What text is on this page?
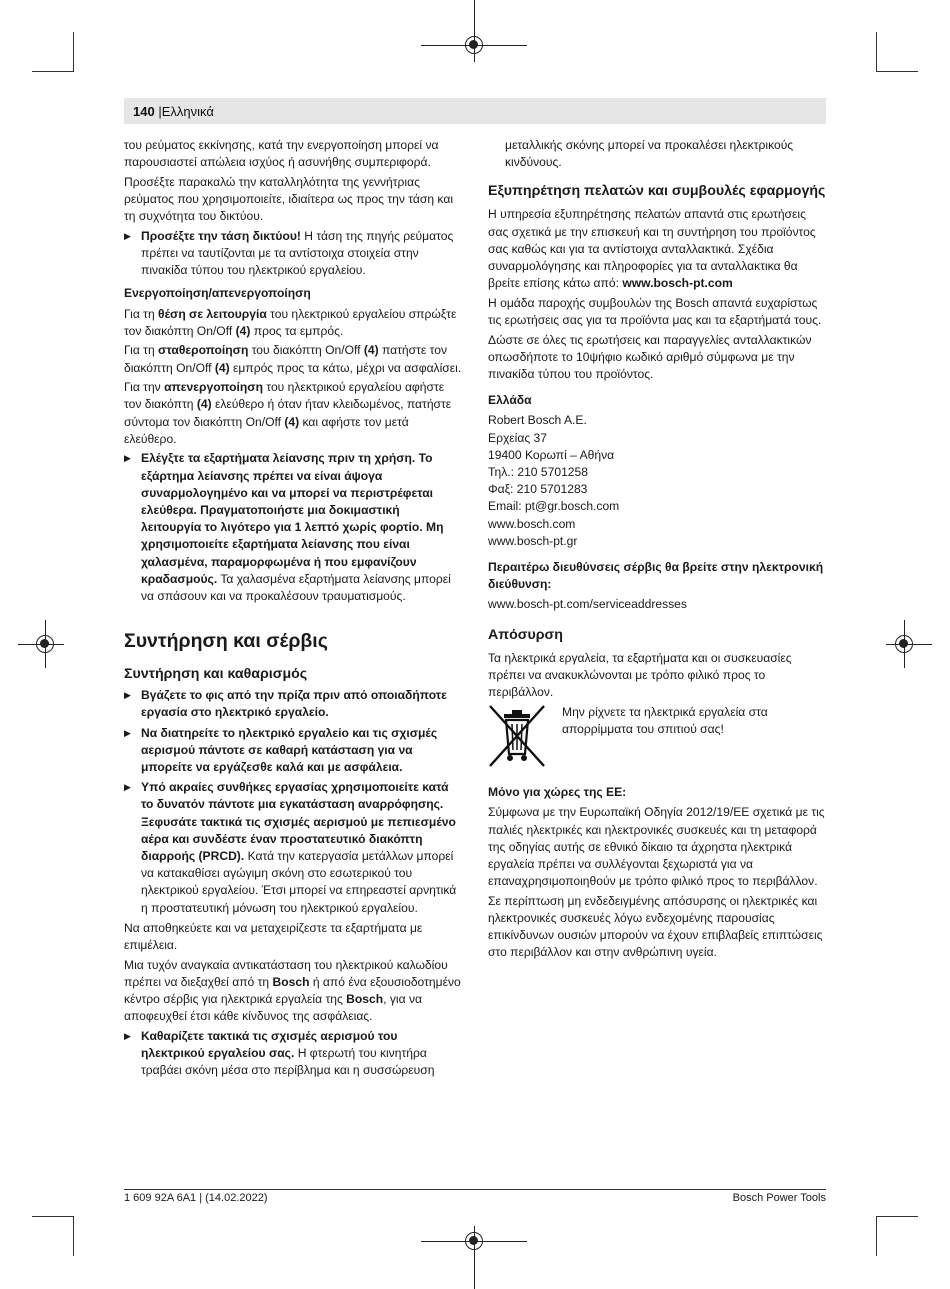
140 |Ελληνικά

του ρεύματος εκκίνησης, κατά την ενεργοποίηση μπορεί να παρουσιαστεί απώλεια ισχύος ή ασυνήθης συμπεριφορά.

Προσέξτε παρακαλώ την καταλληλότητα της γεννήτριας ρεύματος που χρησιμοποιείτε, ιδιαίτερα ως προς την τάση και τη συχνότητα του δικτύου.

▶ Προσέξτε την τάση δικτύου! Η τάση της πηγής ρεύματος πρέπει να ταυτίζονται με τα αντίστοιχα στοιχεία στην πινακίδα τύπου του ηλεκτρικού εργαλείου.
Ενεργοποίηση/απενεργοποίηση

Για τη θέση σε λειτουργία του ηλεκτρικού εργαλείου σπρώξτε τον διακόπτη On/Off (4) προς τα εμπρός.

Για τη σταθεροποίηση του διακόπτη On/Off (4) πατήστε τον διακόπτη On/Off (4) εμπρός προς τα κάτω, μέχρι να ασφαλίσει.

Για την απενεργοποίηση του ηλεκτρικού εργαλείου αφήστε τον διακόπτη (4) ελεύθερο ή όταν ήταν κλειδωμένος, πατήστε σύντομα τον διακόπτη On/Off (4) και αφήστε τον μετά ελεύθερο.

▶ Ελέγξτε τα εξαρτήματα λείανσης πριν τη χρήση. Το εξάρτημα λείανσης πρέπει να είναι άψογα συναρμολογημένο και να μπορεί να περιστρέφεται ελεύθερα. Πραγματοποιήστε μια δοκιμαστική λειτουργία το λιγότερο για 1 λεπτό χωρίς φορτίο. Μη χρησιμοποιείτε εξαρτήματα λείανσης που είναι χαλασμένα, παραμορφωμένα ή που εμφανίζουν κραδασμούς. Τα χαλασμένα εξαρτήματα λείανσης μπορεί να σπάσουν και να προκαλέσουν τραυματισμούς.
Συντήρηση και σέρβις
Συντήρηση και καθαρισμός
▶ Βγάζετε το φις από την πρίζα πριν από οποιαδήποτε εργασία στο ηλεκτρικό εργαλείο.
▶ Να διατηρείτε το ηλεκτρικό εργαλείο και τις σχισμές αερισμού πάντοτε σε καθαρή κατάσταση για να μπορείτε να εργάζεσθε καλά και με ασφάλεια.
▶ Υπό ακραίες συνθήκες εργασίας χρησιμοποιείτε κατά το δυνατόν πάντοτε μια εγκατάσταση αναρρόφησης. Ξεφυσάτε τακτικά τις σχισμές αερισμού με πεπιεσμένο αέρα και συνδέστε έναν προστατευτικό διακόπτη διαρροής (PRCD). Κατά την κατεργασία μετάλλων μπορεί να κατακαθίσει αγώγιμη σκόνη στο εσωτερικού του ηλεκτρικού εργαλείου. Έτσι μπορεί να επηρεαστεί αρνητικά η προστατευτική μόνωση του ηλεκτρικού εργαλείου.

Να αποθηκεύετε και να μεταχειρίζεστε τα εξαρτήματα με επιμέλεια.

Μια τυχόν αναγκαία αντικατάσταση του ηλεκτρικού καλωδίου πρέπει να διεξαχθεί από τη Bosch ή από ένα εξουσιοδοτημένο κέντρο σέρβις για ηλεκτρικά εργαλεία της Bosch, για να αποφευχθεί έτσι κάθε κίνδυνος της ασφάλειας.

▶ Καθαρίζετε τακτικά τις σχισμές αερισμού του ηλεκτρικού εργαλείου σας. Η φτερωτή του κινητήρα τραβάει σκόνη μέσα στο περίβλημα και η συσσώρευση

μεταλλικής σκόνης μπορεί να προκαλέσει ηλεκτρικούς κινδύνους.

Εξυπηρέτηση πελατών και συμβουλές εφαρμογής

Η υπηρεσία εξυπηρέτησης πελατών απαντά στις ερωτήσεις σας σχετικά με την επισκευή και τη συντήρηση του προϊόντος σας καθώς και για τα αντίστοιχα ανταλλακτικά. Σχέδια συναρμολόγησης και πληροφορίες για τα ανταλλακτικα θα βρείτε επίσης κάτω από: www.bosch-pt.com

Η ομάδα παροχής συμβουλών της Bosch απαντά ευχαρίστως τις ερωτήσεις σας για τα προϊόντα μας και τα εξαρτήματά τους.

Δώστε σε όλες τις ερωτήσεις και παραγγελίες ανταλλακτικών οπωσδήποτε το 10ψήφιο κωδικό αριθμό σύμφωνα με την πινακίδα τύπου του προϊόντος.

Ελλάδα
Robert Bosch A.E.
Ερχείας 37
19400 Κορωπί – Αθήνα
Τηλ.: 210 5701258
Φαξ: 210 5701283
Email: pt@gr.bosch.com
www.bosch.com
www.bosch-pt.gr
Περαιτέρω διευθύνσεις σέρβις θα βρείτε στην ηλεκτρονική διεύθυνση:

www.bosch-pt.com/serviceaddresses

Απόσυρση

Τα ηλεκτρικά εργαλεία, τα εξαρτήματα και οι συσκευασίες πρέπει να ανακυκλώνονται με τρόπο φιλικό προς το περιβάλλον.

Μην ρίχνετε τα ηλεκτρικά εργαλεία στα απορρίμματα του σπιτιού σας!
Μόνο για χώρες της ΕΕ:

Σύμφωνα με την Ευρωπαϊκή Οδηγία 2012/19/ΕΕ σχετικά με τις παλιές ηλεκτρικές και ηλεκτρονικές συσκευές και τη μεταφορά της οδηγίας αυτής σε εθνικό δίκαιο τα άχρηστα ηλεκτρικά εργαλεία πρέπει να συλλέγονται ξεχωριστά για να επαναχρησιμοποιηθούν με τρόπο φιλικό προς το περιβάλλον.

Σε περίπτωση μη ενδεδειγμένης απόσυρσης οι ηλεκτρικές και ηλεκτρονικές συσκευές λόγω ενδεχομένης παρουσίας επικίνδυνων ουσιών μπορούν να έχουν επιβλαβείς επιπτώσεις στο περιβάλλον και στην ανθρώπινη υγεία.

1 609 92A 6A1 | (14.02.2022)	Bosch Power Tools
